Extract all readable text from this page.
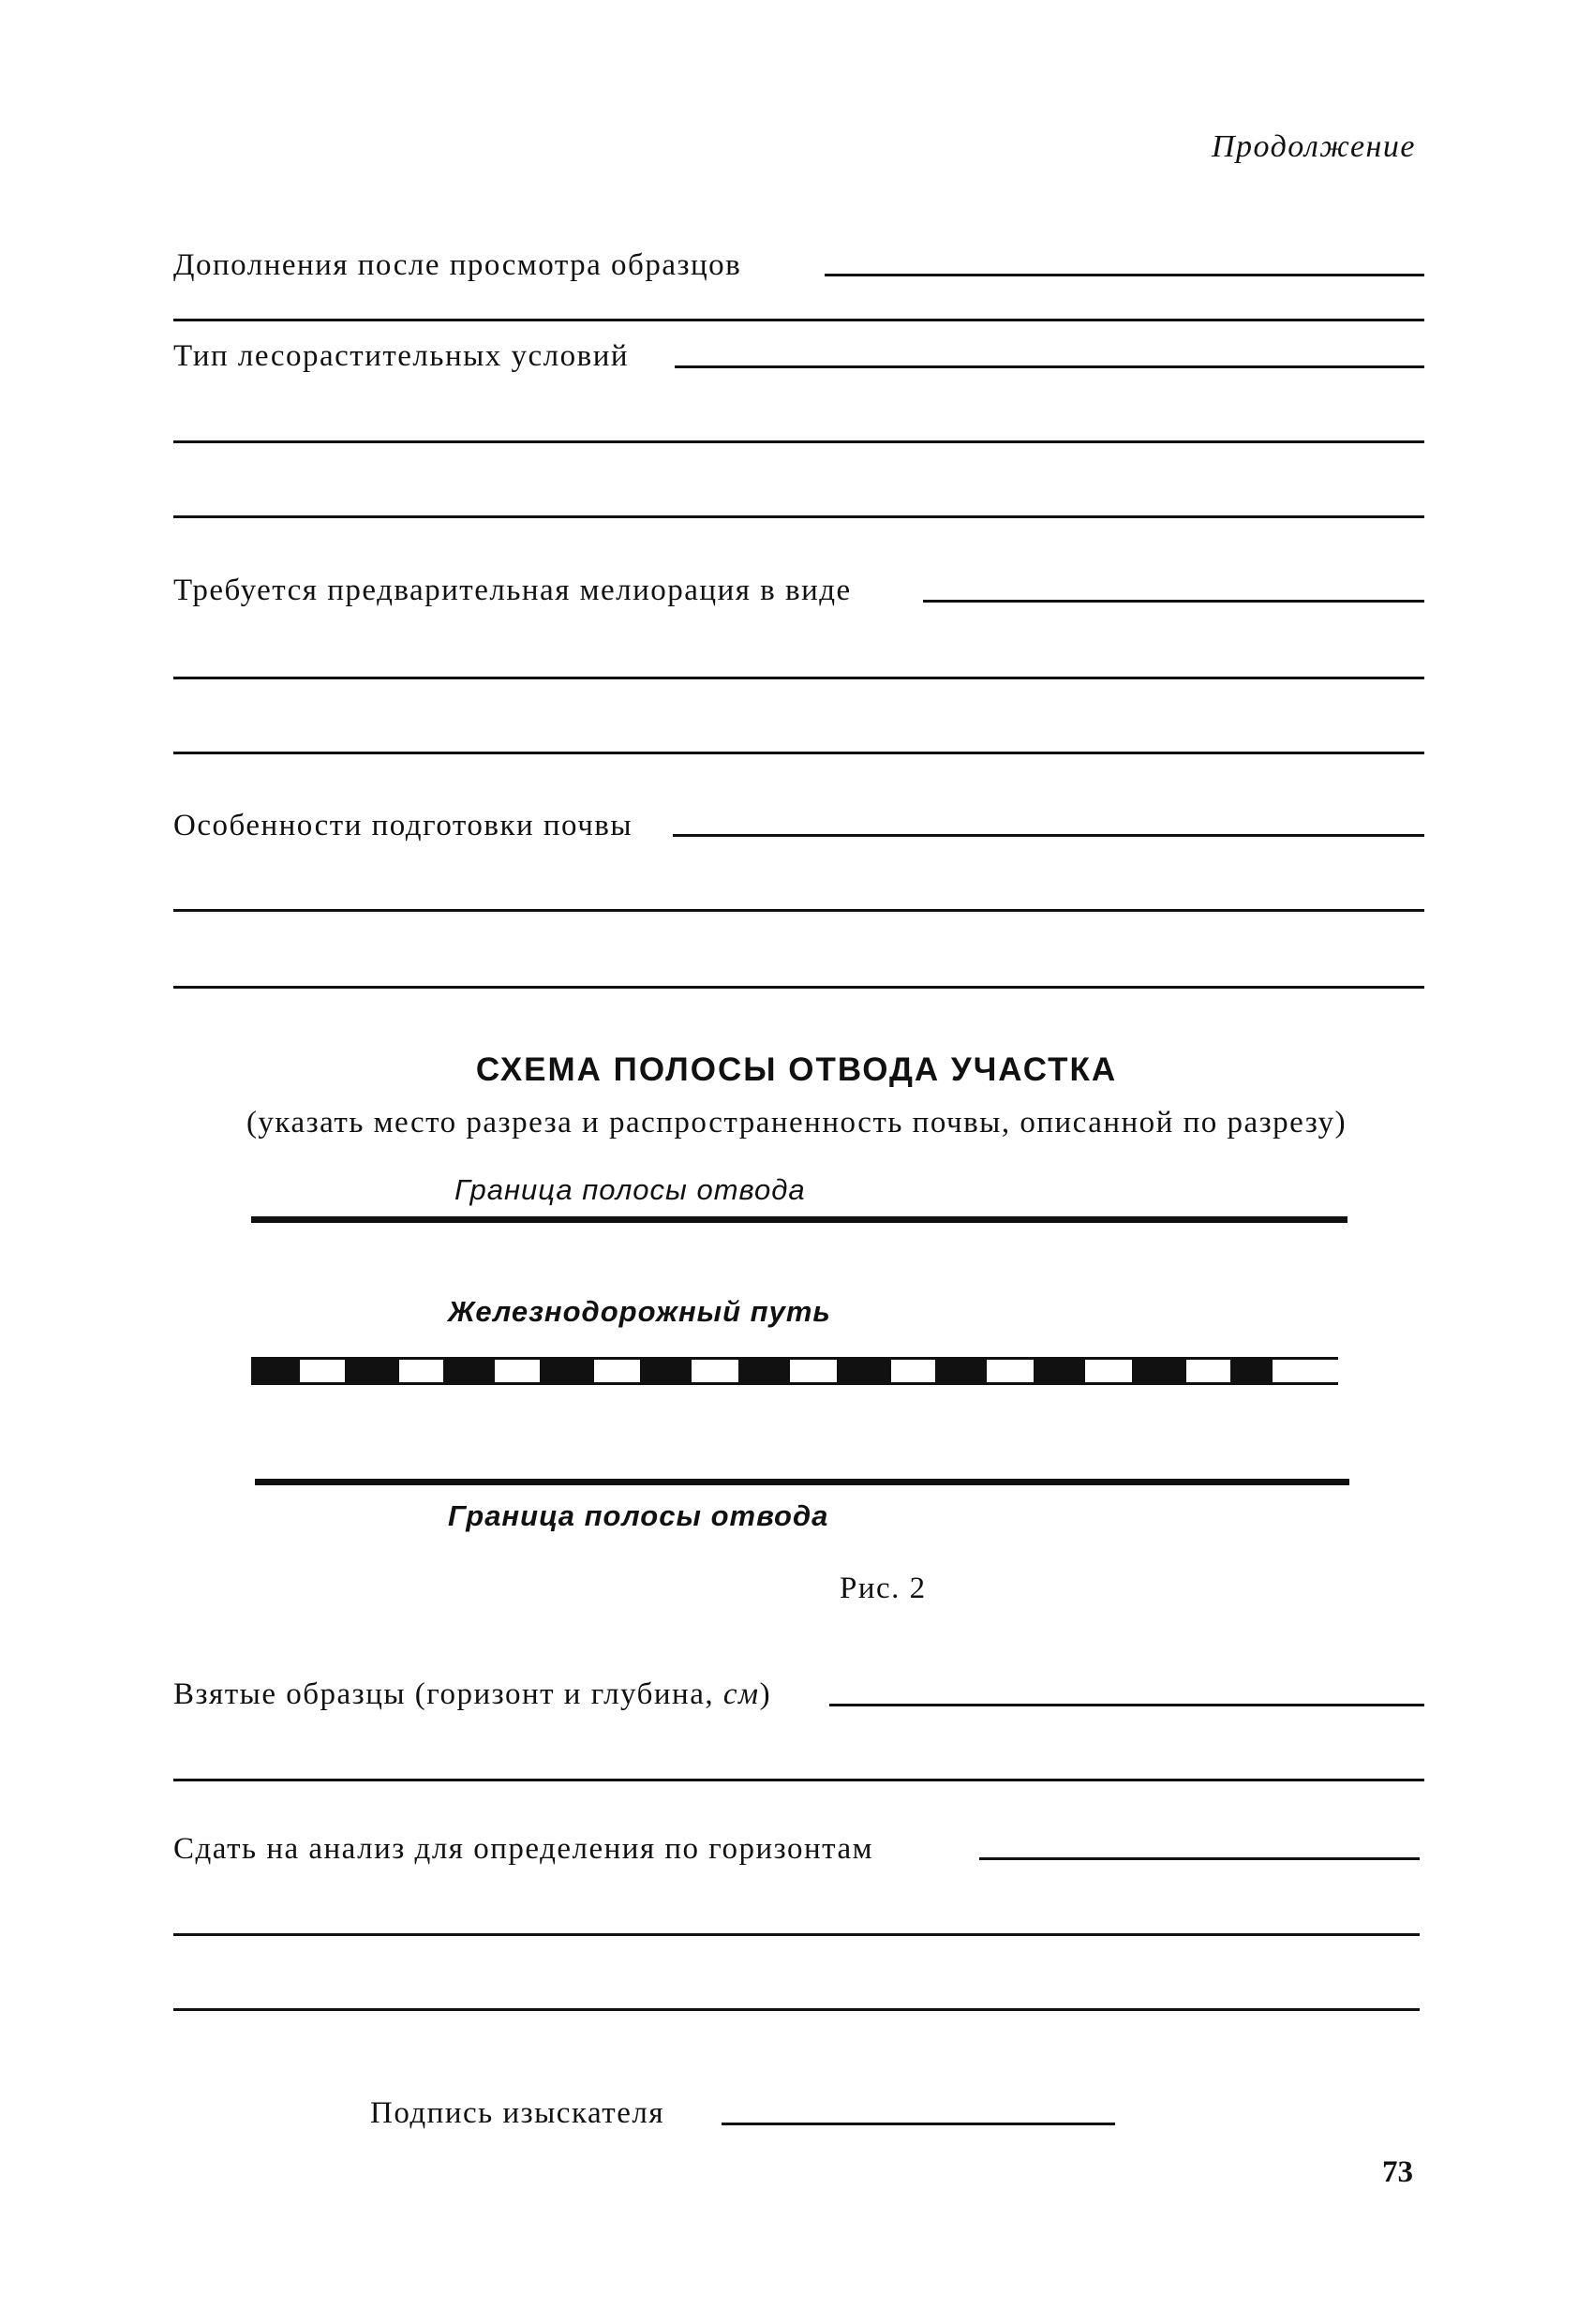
Продолжение
Дополнения после просмотра образцов
Тип лесорастительных условий
Требуется предварительная мелиорация в виде
Особенности подготовки почвы
СХЕМА ПОЛОСЫ ОТВОДА УЧАСТКА
(указать место разреза и распространенность почвы, описанной по разрезу)
Граница полосы отвода
Железнодорожный путь
Граница полосы отвода
Рис. 2
Взятые образцы (горизонт и глубина, см)
Сдать на анализ для определения по горизонтам
Подпись изыскателя
73
